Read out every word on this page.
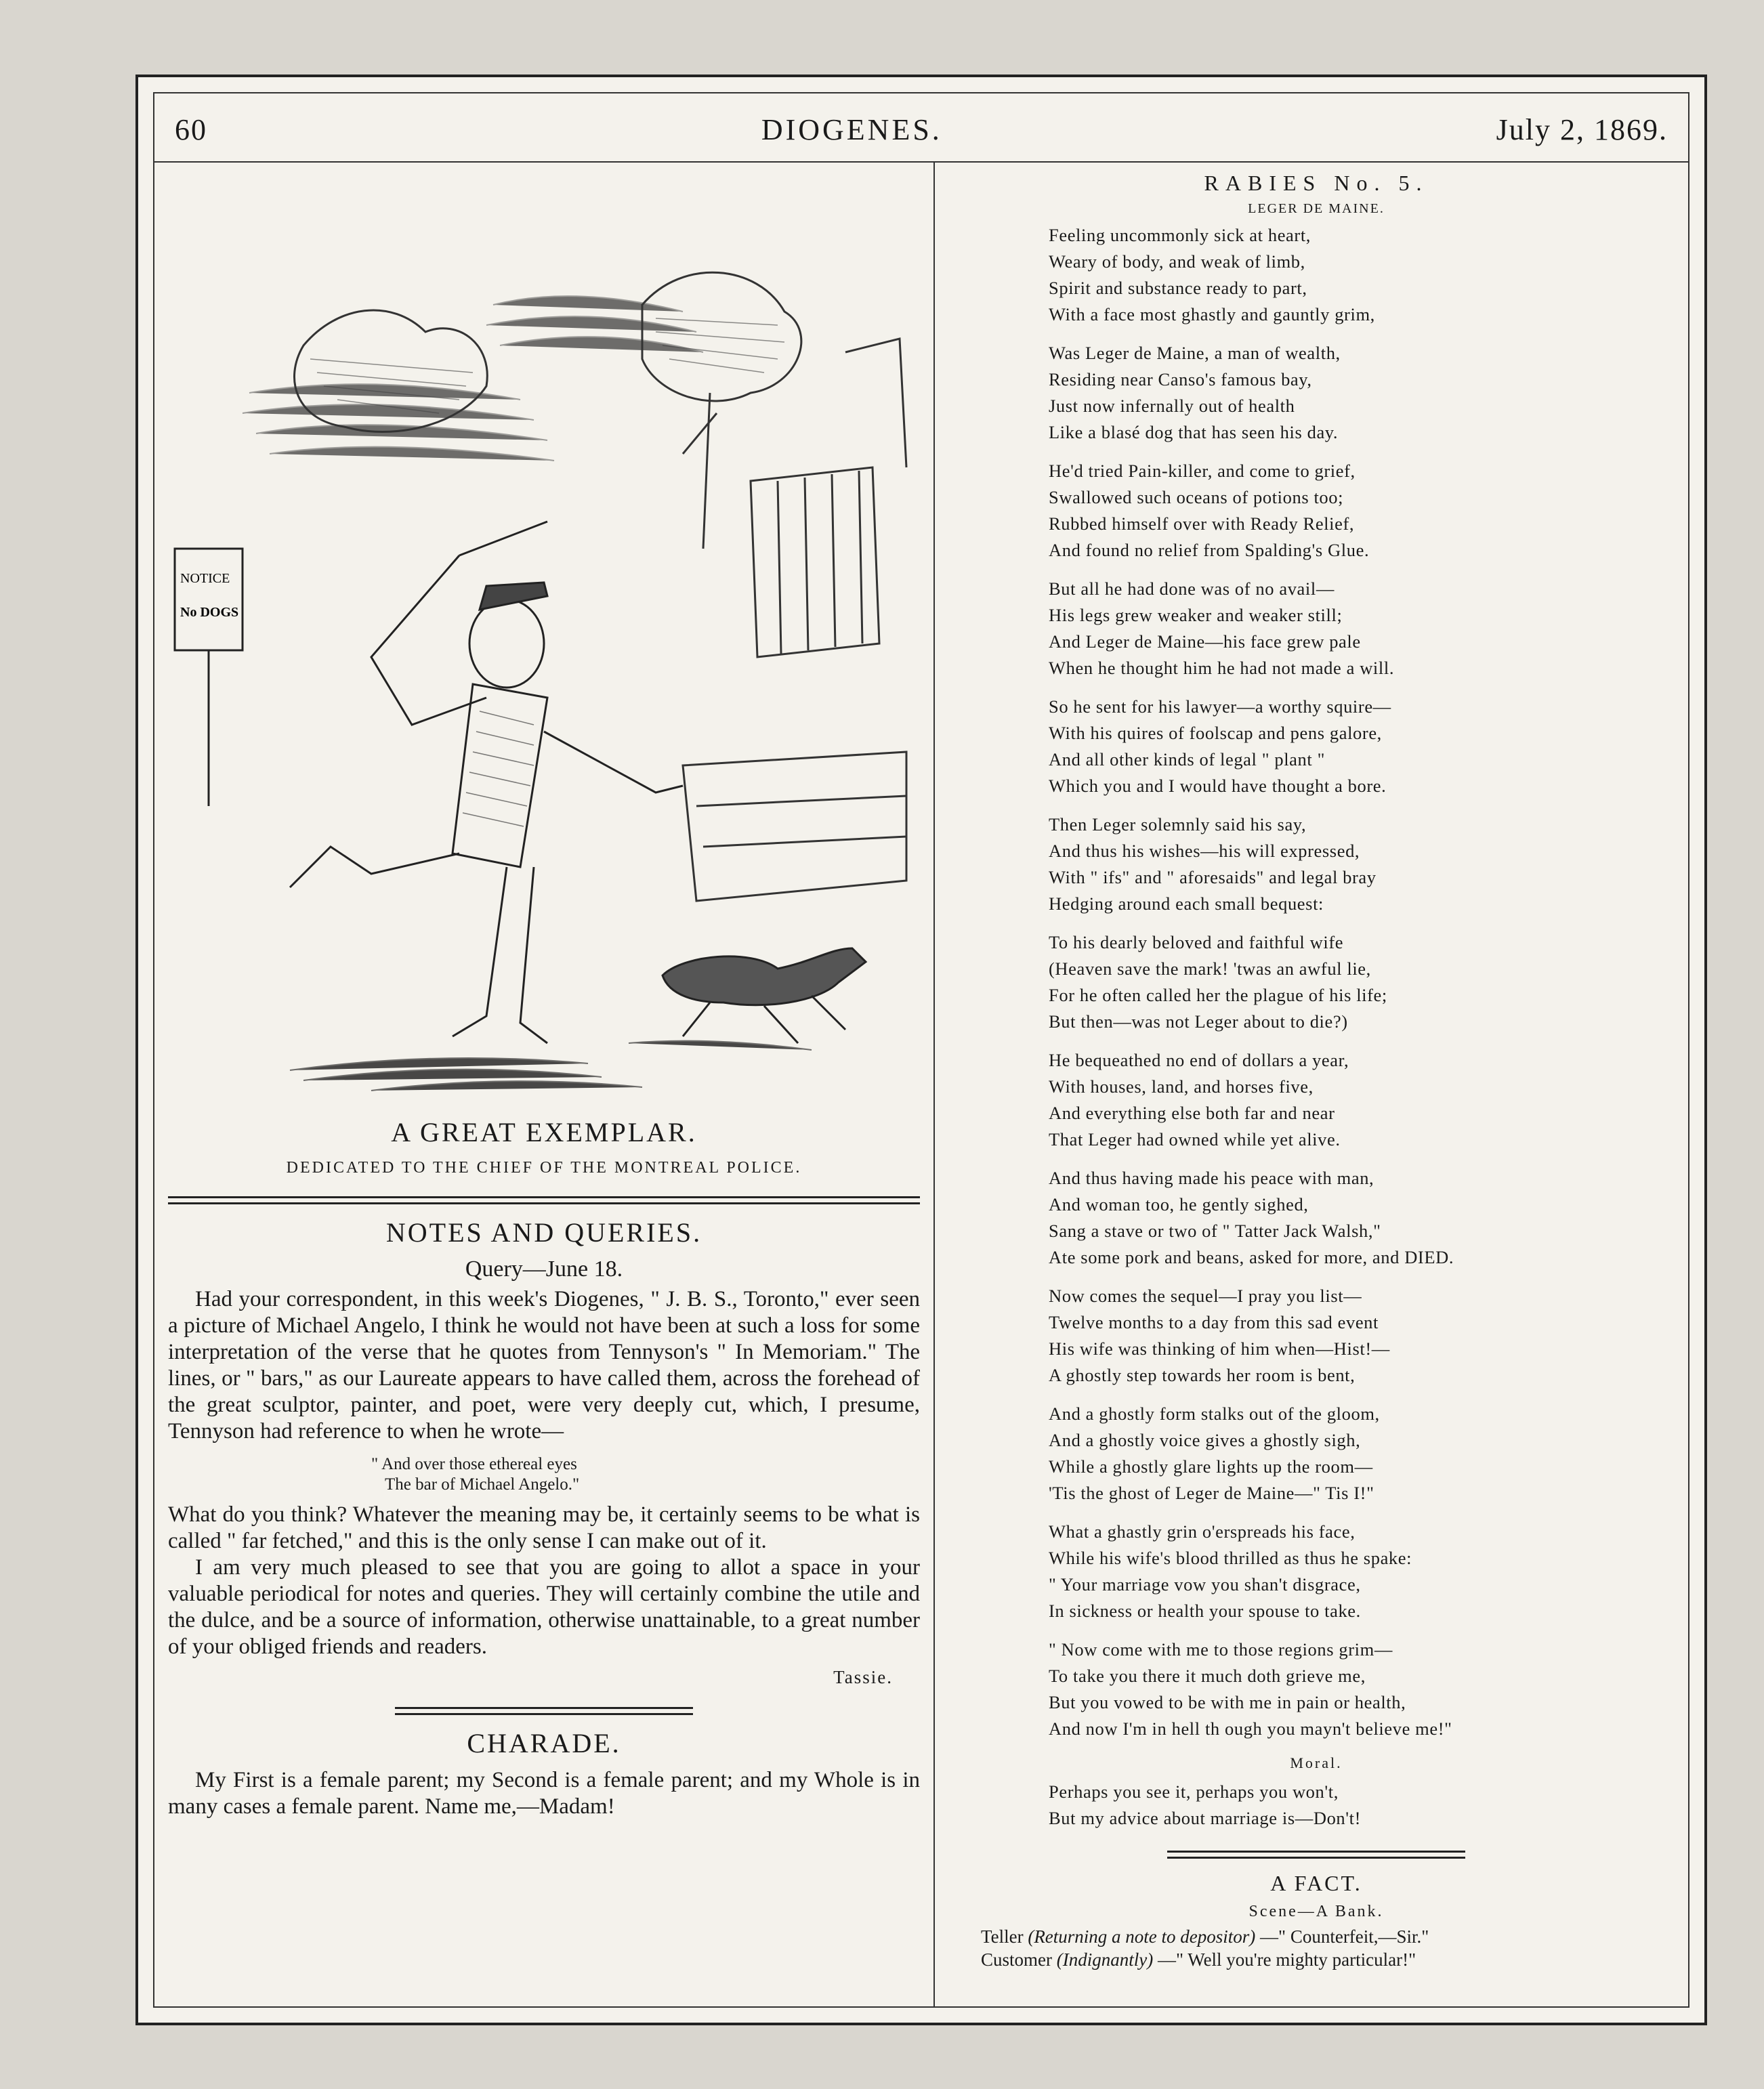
60	DIOGENES.	July 2, 1869.
NOTICE
No DOGS
A GREAT EXEMPLAR.
DEDICATED TO THE CHIEF OF THE MONTREAL POLICE.
NOTES AND QUERIES.
Query—June 18.

Had your correspondent, in this week's Diogenes, " J. B. S., Toronto," ever seen a picture of Michael Angelo, I think he would not have been at such a loss for some interpretation of the verse that he quotes from Tennyson's " In Memoriam." The lines, or " bars," as our Laureate appears to have called them, across the forehead of the great sculptor, painter, and poet, were very deeply cut, which, I presume, Tennyson had reference to when he wrote—

" And over those ethereal eyes
The bar of Michael Angelo."

What do you think? Whatever the meaning may be, it certainly seems to be what is called " far fetched," and this is the only sense I can make out of it.

I am very much pleased to see that you are going to allot a space in your valuable periodical for notes and queries. They will certainly combine the utile and the dulce, and be a source of information, otherwise unattainable, to a great number of your obliged friends and readers.

Tassie.
CHARADE.

My First is a female parent; my Second is a female parent; and my Whole is in many cases a female parent. Name me,—Madam!

RABIES No. 5.
LEGER DE MAINE.
Feeling uncommonly sick at heart,
Weary of body, and weak of limb,
Spirit and substance ready to part,
With a face most ghastly and gauntly grim,
Was Leger de Maine, a man of wealth,
Residing near Canso's famous bay,
Just now infernally out of health
Like a blasé dog that has seen his day.
He'd tried Pain-killer, and come to grief,
Swallowed such oceans of potions too;
Rubbed himself over with Ready Relief,
And found no relief from Spalding's Glue.
But all he had done was of no avail—
His legs grew weaker and weaker still;
And Leger de Maine—his face grew pale
When he thought him he had not made a will.
So he sent for his lawyer—a worthy squire—
With his quires of foolscap and pens galore,
And all other kinds of legal " plant "
Which you and I would have thought a bore.
Then Leger solemnly said his say,
And thus his wishes—his will expressed,
With " ifs" and " aforesaids" and legal bray
Hedging around each small bequest:
To his dearly beloved and faithful wife
(Heaven save the mark! 'twas an awful lie,
For he often called her the plague of his life;
But then—was not Leger about to die?)
He bequeathed no end of dollars a year,
With houses, land, and horses five,
And everything else both far and near
That Leger had owned while yet alive.
And thus having made his peace with man,
And woman too, he gently sighed,
Sang a stave or two of " Tatter Jack Walsh,"
Ate some pork and beans, asked for more, and DIED.
Now comes the sequel—I pray you list—
Twelve months to a day from this sad event
His wife was thinking of him when—Hist!—
A ghostly step towards her room is bent,
And a ghostly form stalks out of the gloom,
And a ghostly voice gives a ghostly sigh,
While a ghostly glare lights up the room—
'Tis the ghost of Leger de Maine—" Tis I!"
What a ghastly grin o'erspreads his face,
While his wife's blood thrilled as thus he spake:
" Your marriage vow you shan't disgrace,
In sickness or health your spouse to take.
" Now come with me to those regions grim—
To take you there it much doth grieve me,
But you vowed to be with me in pain or health,
And now I'm in hell th ough you mayn't believe me!"
Moral.
Perhaps you see it, perhaps you won't,
But my advice about marriage is—Don't!
A FACT.
Scene—A Bank.
Teller (Returning a note to depositor) —" Counterfeit,—Sir."
Customer (Indignantly) —" Well you're mighty particular!"
